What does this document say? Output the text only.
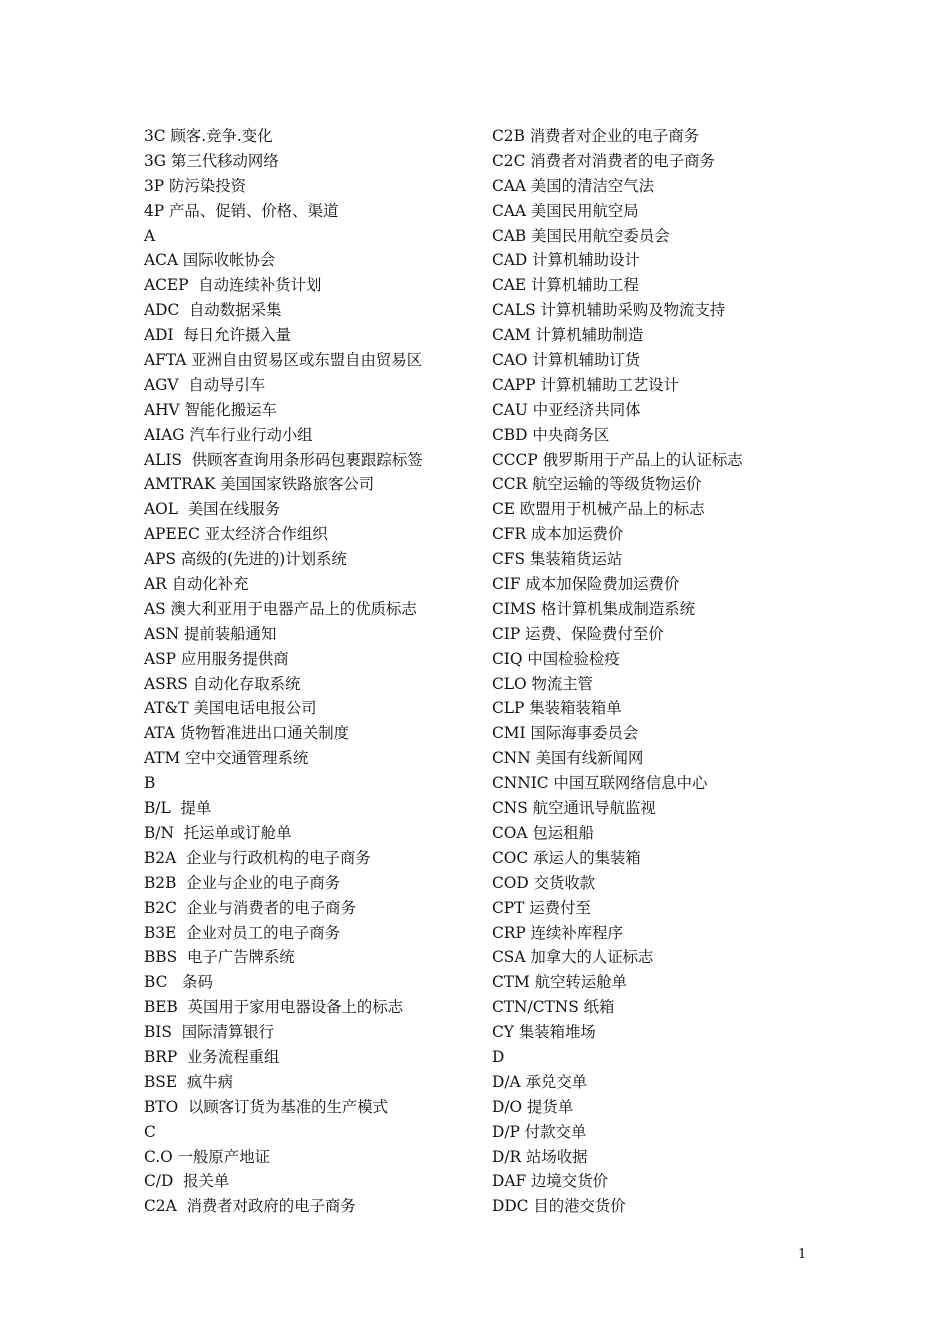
3C 顾客.竞争.变化
3G 第三代移动网络
3P 防污染投资
4P 产品、促销、价格、渠道
A
ACA 国际收帐协会
ACEP  自动连续补货计划
ADC  自动数据采集
ADI  每日允许摄入量
AFTA 亚洲自由贸易区或东盟自由贸易区
AGV  自动导引车
AHV 智能化搬运车
AIAG 汽车行业行动小组
ALIS  供顾客查询用条形码包裹跟踪标签
AMTRAK 美国国家铁路旅客公司
AOL  美国在线服务
APEEC 亚太经济合作组织
APS 高级的(先进的)计划系统
AR 自动化补充
AS 澳大利亚用于电器产品上的优质标志
ASN 提前装船通知
ASP 应用服务提供商
ASRS 自动化存取系统
AT&T 美国电话电报公司
ATA 货物暂准进出口通关制度
ATM 空中交通管理系统
B
B/L  提单
B/N  托运单或订舱单
B2A  企业与行政机构的电子商务
B2B  企业与企业的电子商务
B2C  企业与消费者的电子商务
B3E  企业对员工的电子商务
BBS  电子广告牌系统
BC   条码
BEB  英国用于家用电器设备上的标志
BIS  国际清算银行
BRP  业务流程重组
BSE  疯牛病
BTO  以顾客订货为基准的生产模式
C
C.O 一般原产地证
C/D  报关单
C2A  消费者对政府的电子商务
C2B 消费者对企业的电子商务
C2C 消费者对消费者的电子商务
CAA 美国的清洁空气法
CAA 美国民用航空局
CAB 美国民用航空委员会
CAD 计算机辅助设计
CAE 计算机辅助工程
CALS 计算机辅助采购及物流支持
CAM 计算机辅助制造
CAO 计算机辅助订货
CAPP 计算机辅助工艺设计
CAU 中亚经济共同体
CBD 中央商务区
CCCP 俄罗斯用于产品上的认证标志
CCR 航空运输的等级货物运价
CE 欧盟用于机械产品上的标志
CFR 成本加运费价
CFS 集装箱货运站
CIF 成本加保险费加运费价
CIMS 格计算机集成制造系统
CIP 运费、保险费付至价
CIQ 中国检验检疫
CLO 物流主管
CLP 集装箱装箱单
CMI 国际海事委员会
CNN 美国有线新闻网
CNNIC 中国互联网络信息中心
CNS 航空通讯导航监视
COA 包运租船
COC 承运人的集装箱
COD 交货收款
CPT 运费付至
CRP 连续补库程序
CSA 加拿大的人证标志
CTM 航空转运舱单
CTN/CTNS 纸箱
CY 集装箱堆场
D
D/A 承兑交单
D/O 提货单
D/P 付款交单
D/R 站场收据
DAF 边境交货价
DDC 目的港交货价
1
